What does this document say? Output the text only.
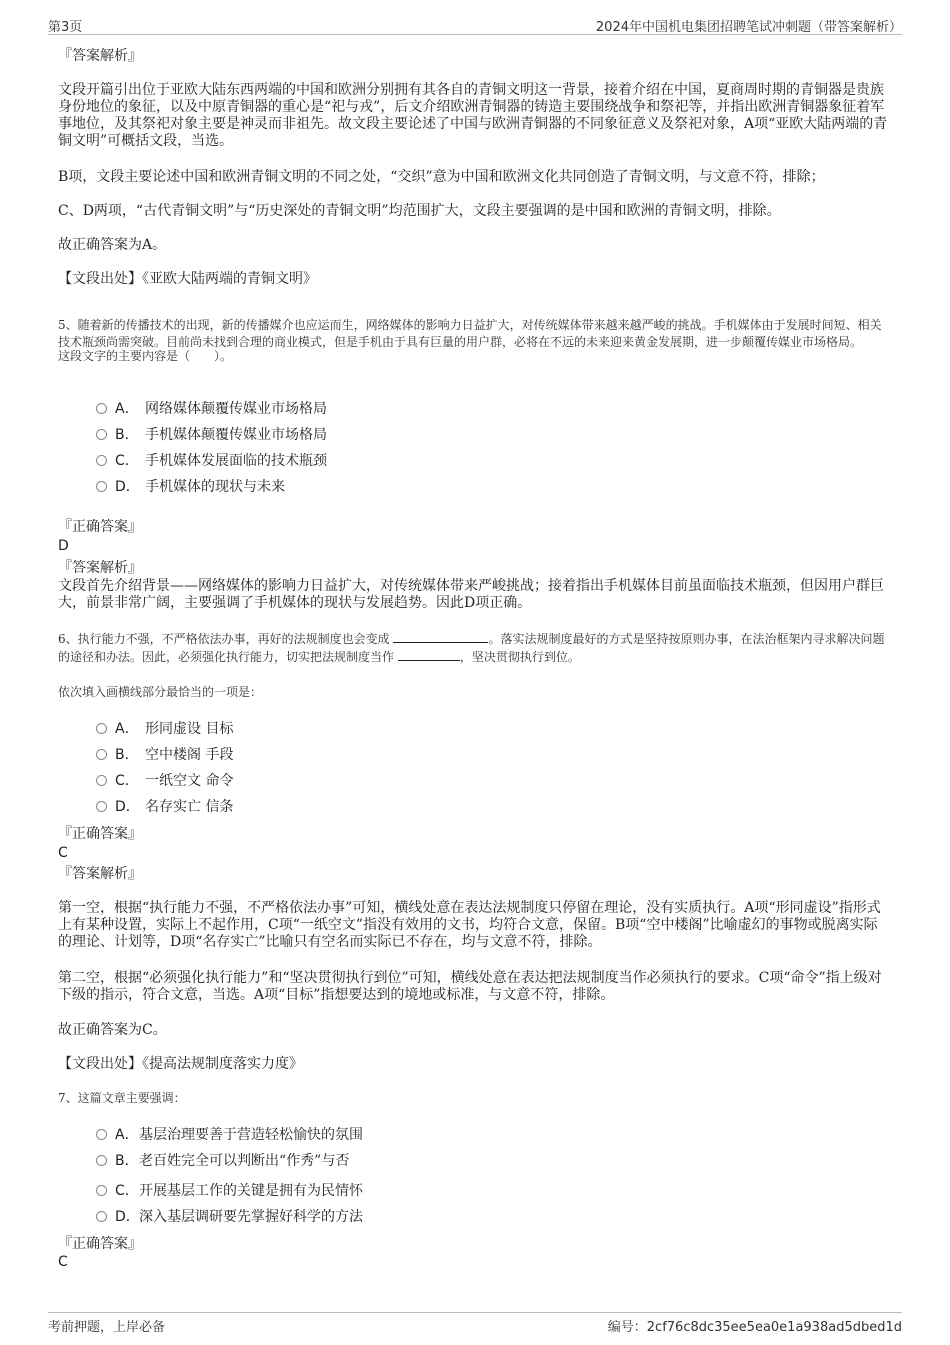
第3页	2024年中国机电集团招聘笔试冲刺题（带答案解析）
『答案解析』
文段开篇引出位于亚欧大陆东西两端的中国和欧洲分别拥有其各自的青铜文明这一背景，接着介绍在中国，夏商周时期的青铜器是贵族身份地位的象征，以及中原青铜器的重心是“祀与戎”，后文介绍欧洲青铜器的铸造主要围绕战争和祭祀等，并指出欧洲青铜器象征着军事地位，及其祭祀对象主要是神灵而非祖先。故文段主要论述了中国与欧洲青铜器的不同象征意义及祭祀对象，A项“亚欧大陆两端的青铜文明”可概括文段，当选。
B项，文段主要论述中国和欧洲青铜文明的不同之处，“交织”意为中国和欧洲文化共同创造了青铜文明，与文意不符，排除；
C、D两项，“古代青铜文明”与“历史深处的青铜文明”均范围扩大，文段主要强调的是中国和欧洲的青铜文明，排除。
故正确答案为A。
【文段出处】《亚欧大陆两端的青铜文明》
5、随着新的传播技术的出现，新的传播媒介也应运而生，网络媒体的影响力日益扩大，对传统媒体带来越来越严峻的挑战。手机媒体由于发展时间短、相关技术瓶颈尚需突破。目前尚未找到合理的商业模式，但是手机由于具有巨量的用户群，必将在不远的未来迎来黄金发展期，进一步颠覆传媒业市场格局。
这段文字的主要内容是（　　）。
A． 网络媒体颠覆传媒业市场格局
B． 手机媒体颠覆传媒业市场格局
C． 手机媒体发展面临的技术瓶颈
D． 手机媒体的现状与未来
『正确答案』
D
『答案解析』
文段首先介绍背景——网络媒体的影响力日益扩大，对传统媒体带来严峻挑战；接着指出手机媒体目前虽面临技术瓶颈，但因用户群巨大，前景非常广阔，主要强调了手机媒体的现状与发展趋势。因此D项正确。
6、执行能力不强，不严格依法办事，再好的法规制度也会变成	。落实法规制度最好的方式是坚持按原则办事，在法治框架内寻求解决问题的途径和办法。因此，必须强化执行能力，切实把法规制度当作	，坚决贯彻执行到位。
依次填入画横线部分最恰当的一项是：
A． 形同虚设 目标
B． 空中楼阁 手段
C． 一纸空文 命令
D． 名存实亡 信条
『正确答案』
C
『答案解析』
第一空，根据“执行能力不强，不严格依法办事”可知，横线处意在表达法规制度只停留在理论，没有实质执行。A项“形同虚设”指形式上有某种设置，实际上不起作用，C项“一纸空文”指没有效用的文书，均符合文意，保留。B项“空中楼阁”比喻虚幻的事物或脱离实际的理论、计划等，D项“名存实亡”比喻只有空名而实际已不存在，均与文意不符，排除。
第二空，根据“必须强化执行能力”和“坚决贯彻执行到位”可知，横线处意在表达把法规制度当作必须执行的要求。C项“命令”指上级对下级的指示，符合文意，当选。A项“目标”指想要达到的境地或标准，与文意不符，排除。
故正确答案为C。
【文段出处】《提高法规制度落实力度》
7、这篇文章主要强调：
A．基层治理要善于营造轻松愉快的氛围
B．老百姓完全可以判断出“作秀”与否
C．开展基层工作的关键是拥有为民情怀
D．深入基层调研要先掌握好科学的方法
『正确答案』
C
考前押题，上岸必备	编号：2cf76c8dc35ee5ea0e1a938ad5dbed1d
